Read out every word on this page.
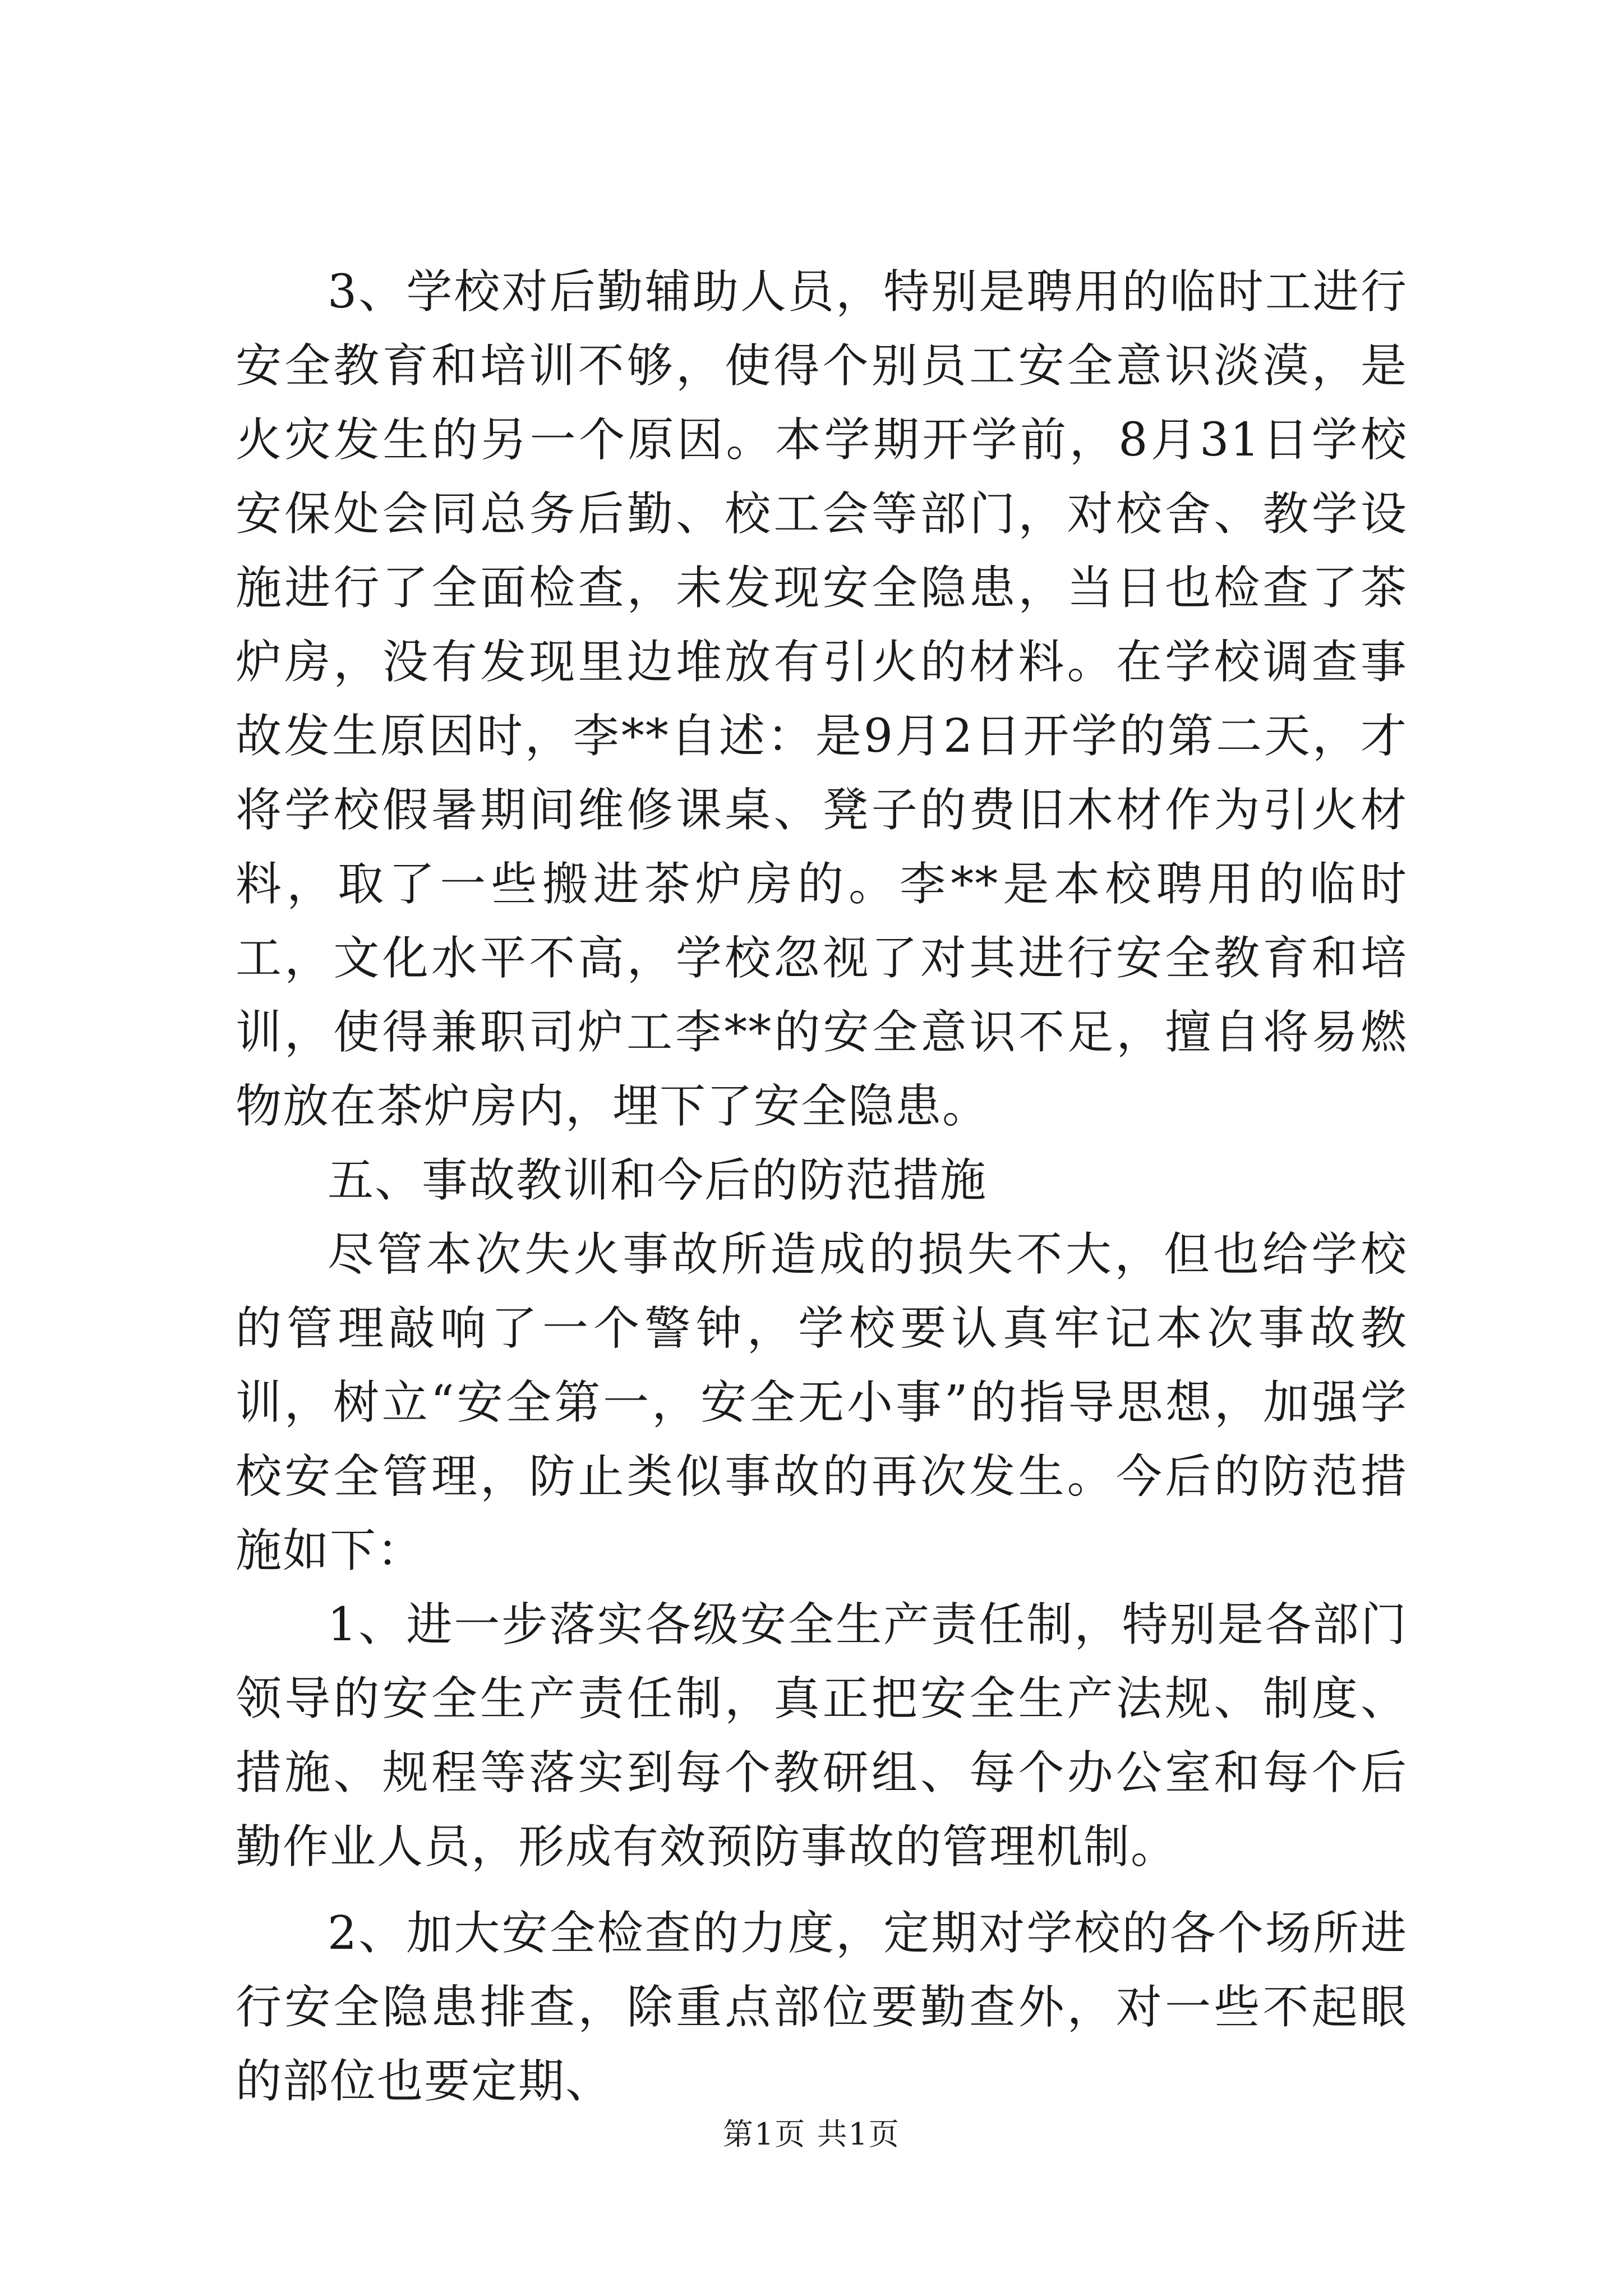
3、学校对后勤辅助人员，特别是聘用的临时工进行安全教育和培训不够，使得个别员工安全意识淡漠，是火灾发生的另一个原因。本学期开学前，8月31日学校安保处会同总务后勤、校工会等部门，对校舍、教学设施进行了全面检查，未发现安全隐患，当日也检查了茶炉房，没有发现里边堆放有引火的材料。在学校调查事故发生原因时，李**自述：是9月2日开学的第二天，才将学校假暑期间维修课桌、凳子的费旧木材作为引火材料，取了一些搬进茶炉房的。李**是本校聘用的临时工，文化水平不高，学校忽视了对其进行安全教育和培训，使得兼职司炉工李**的安全意识不足，擅自将易燃物放在茶炉房内，埋下了安全隐患。

五、事故教训和今后的防范措施

尽管本次失火事故所造成的损失不大，但也给学校的管理敲响了一个警钟，学校要认真牢记本次事故教训，树立“安全第一，安全无小事”的指导思想，加强学校安全管理，防止类似事故的再次发生。今后的防范措施如下：

1、进一步落实各级安全生产责任制，特别是各部门领导的安全生产责任制，真正把安全生产法规、制度、措施、规程等落实到每个教研组、每个办公室和每个后勤作业人员，形成有效预防事故的管理机制。

2、加大安全检查的力度，定期对学校的各个场所进行安全隐患排查，除重点部位要勤查外，对一些不起眼的部位也要定期、

第1页 共1页
